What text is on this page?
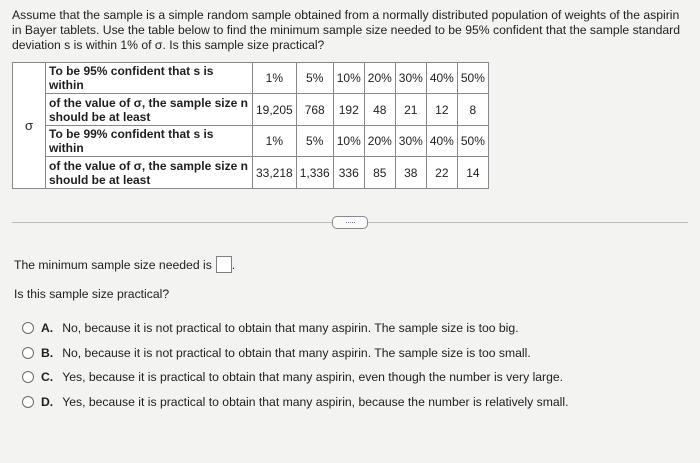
Assume that the sample is a simple random sample obtained from a normally distributed population of weights of the aspirin in Bayer tablets. Use the table below to find the minimum sample size needed to be 95% confident that the sample standard deviation s is within 1% of σ. Is this sample size practical?
σ	To be 95% confident that s is within	1%	5%	10%	20%	30%	40%	50%
	of the value of σ, the sample size n should be at least	19,205	768	192	48	21	12	8
	To be 99% confident that s is within	1%	5%	10%	20%	30%	40%	50%
	of the value of σ, the sample size n should be at least	33,218	1,336	336	85	38	22	14
·····
The minimum sample size needed is .
Is this sample size practical?
A. No, because it is not practical to obtain that many aspirin. The sample size is too big.
B. No, because it is not practical to obtain that many aspirin. The sample size is too small.
C. Yes, because it is practical to obtain that many aspirin, even though the number is very large.
D. Yes, because it is practical to obtain that many aspirin, because the number is relatively small.
